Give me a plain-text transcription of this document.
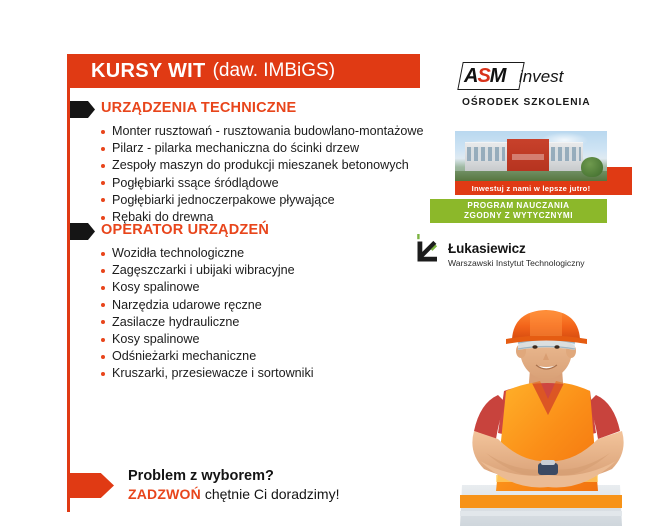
KURSY WIT (daw. IMBiGS)
URZĄDZENIA TECHNICZNE
Monter rusztowań - rusztowania budowlano-montażowe
Pilarz - pilarka mechaniczna do ścinki drzew
Zespoły maszyn do produkcji mieszanek betonowych
Pogłębiarki ssące śródlądowe
Pogłębiarki jednoczerpakowe pływające
Rębaki do drewna
OPERATOR URZĄDZEŃ
Wozidła technologiczne
Zagęszczarki i ubijaki wibracyjne
Kosy spalinowe
Narzędzia udarowe ręczne
Zasilacze hydrauliczne
Kosy spalinowe
Odśnieżarki mechaniczne
Kruszarki, przesiewacze i sortowniki
Problem z wyborem?
ZADZWOŃ chętnie Ci doradzimy!
ASM invest
OŚRODEK SZKOLENIA
Inwestuj z nami w lepsze jutro!
PROGRAM NAUCZANIA
ZGODNY Z WYTYCZNYMI
Łukasiewicz
Warszawski Instytut Technologiczny
